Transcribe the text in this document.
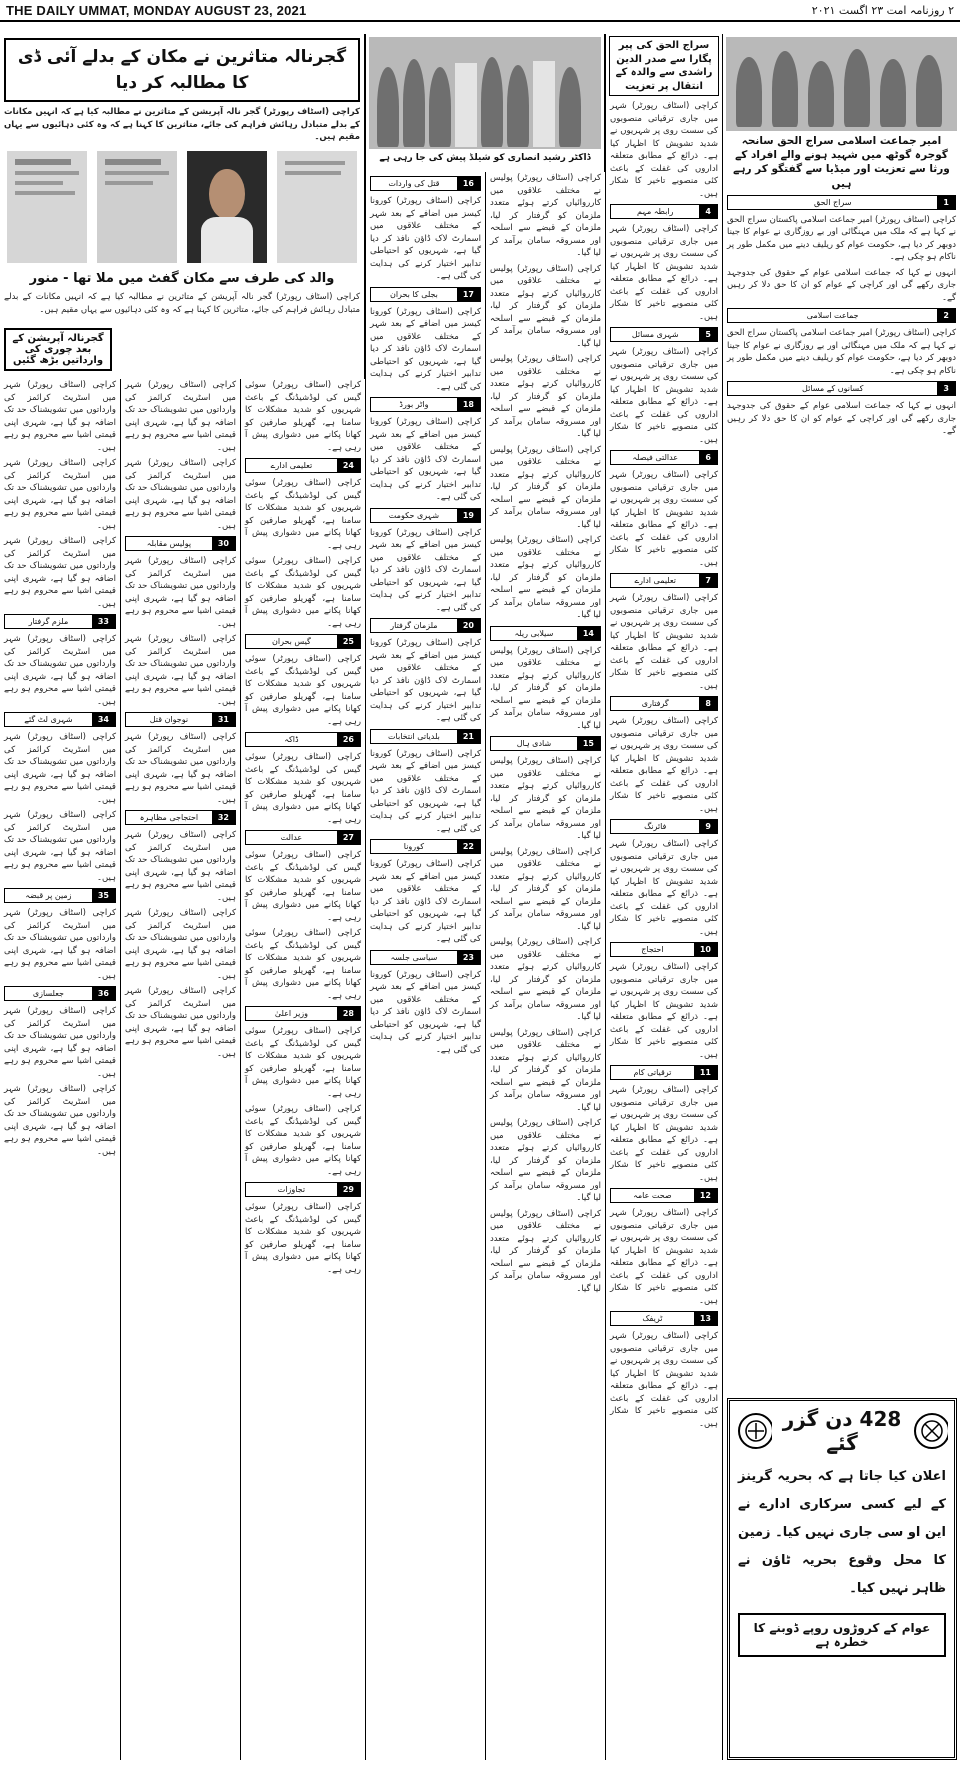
THE DAILY UMMAT, MONDAY AUGUST 23, 2021	۲ روزنامہ امت ۲۳ اگست ۲۰۲۱
امیر جماعت اسلامی سراج الحق سانحہ گوجرہ گوٹھ میں شہید ہونے والے افراد کے ورثا سے تعزیت اور میڈیا سے گفتگو کر رہے ہیں
1
سراج الحق

کراچی (اسٹاف رپورٹر) امیر جماعت اسلامی پاکستان سراج الحق نے کہا ہے کہ ملک میں مہنگائی اور بے روزگاری نے عوام کا جینا دوبھر کر دیا ہے، حکومت عوام کو ریلیف دینے میں مکمل طور پر ناکام ہو چکی ہے۔

انہوں نے کہا کہ جماعت اسلامی عوام کے حقوق کی جدوجہد جاری رکھے گی اور کراچی کے عوام کو ان کا حق دلا کر رہیں گے۔

2
جماعت اسلامی

کراچی (اسٹاف رپورٹر) امیر جماعت اسلامی پاکستان سراج الحق نے کہا ہے کہ ملک میں مہنگائی اور بے روزگاری نے عوام کا جینا دوبھر کر دیا ہے، حکومت عوام کو ریلیف دینے میں مکمل طور پر ناکام ہو چکی ہے۔

3
کسانوں کے مسائل

انہوں نے کہا کہ جماعت اسلامی عوام کے حقوق کی جدوجہد جاری رکھے گی اور کراچی کے عوام کو ان کا حق دلا کر رہیں گے۔

428 دن گزر گئے

اعلان کیا جاتا ہے کہ بحریہ گرینز کے لیے کسی سرکاری ادارے نے این او سی جاری نہیں کیا۔ زمین کا محل وقوع بحریہ ٹاؤن نے ظاہر نہیں کیا۔

عوام کے کروڑوں روپے ڈوبنے کا خطرہ ہے
سراج الحق کی پیر پگارا سے صدر الدین راشدی سے والدہ کے انتقال پر تعزیت

کراچی (اسٹاف رپورٹر) شہر میں جاری ترقیاتی منصوبوں کی سست روی پر شہریوں نے شدید تشویش کا اظہار کیا ہے۔ ذرائع کے مطابق متعلقہ اداروں کی غفلت کے باعث کئی منصوبے تاخیر کا شکار ہیں۔

4
رابطہ مہم

کراچی (اسٹاف رپورٹر) شہر میں جاری ترقیاتی منصوبوں کی سست روی پر شہریوں نے شدید تشویش کا اظہار کیا ہے۔ ذرائع کے مطابق متعلقہ اداروں کی غفلت کے باعث کئی منصوبے تاخیر کا شکار ہیں۔

5
شہری مسائل

کراچی (اسٹاف رپورٹر) شہر میں جاری ترقیاتی منصوبوں کی سست روی پر شہریوں نے شدید تشویش کا اظہار کیا ہے۔ ذرائع کے مطابق متعلقہ اداروں کی غفلت کے باعث کئی منصوبے تاخیر کا شکار ہیں۔

6
عدالتی فیصلہ

کراچی (اسٹاف رپورٹر) شہر میں جاری ترقیاتی منصوبوں کی سست روی پر شہریوں نے شدید تشویش کا اظہار کیا ہے۔ ذرائع کے مطابق متعلقہ اداروں کی غفلت کے باعث کئی منصوبے تاخیر کا شکار ہیں۔

7
تعلیمی ادارے

کراچی (اسٹاف رپورٹر) شہر میں جاری ترقیاتی منصوبوں کی سست روی پر شہریوں نے شدید تشویش کا اظہار کیا ہے۔ ذرائع کے مطابق متعلقہ اداروں کی غفلت کے باعث کئی منصوبے تاخیر کا شکار ہیں۔

8
گرفتاری

کراچی (اسٹاف رپورٹر) شہر میں جاری ترقیاتی منصوبوں کی سست روی پر شہریوں نے شدید تشویش کا اظہار کیا ہے۔ ذرائع کے مطابق متعلقہ اداروں کی غفلت کے باعث کئی منصوبے تاخیر کا شکار ہیں۔

9
فائرنگ

کراچی (اسٹاف رپورٹر) شہر میں جاری ترقیاتی منصوبوں کی سست روی پر شہریوں نے شدید تشویش کا اظہار کیا ہے۔ ذرائع کے مطابق متعلقہ اداروں کی غفلت کے باعث کئی منصوبے تاخیر کا شکار ہیں۔

10
احتجاج

کراچی (اسٹاف رپورٹر) شہر میں جاری ترقیاتی منصوبوں کی سست روی پر شہریوں نے شدید تشویش کا اظہار کیا ہے۔ ذرائع کے مطابق متعلقہ اداروں کی غفلت کے باعث کئی منصوبے تاخیر کا شکار ہیں۔

11
ترقیاتی کام

کراچی (اسٹاف رپورٹر) شہر میں جاری ترقیاتی منصوبوں کی سست روی پر شہریوں نے شدید تشویش کا اظہار کیا ہے۔ ذرائع کے مطابق متعلقہ اداروں کی غفلت کے باعث کئی منصوبے تاخیر کا شکار ہیں۔

12
صحت عامہ

کراچی (اسٹاف رپورٹر) شہر میں جاری ترقیاتی منصوبوں کی سست روی پر شہریوں نے شدید تشویش کا اظہار کیا ہے۔ ذرائع کے مطابق متعلقہ اداروں کی غفلت کے باعث کئی منصوبے تاخیر کا شکار ہیں۔

13
ٹریفک

کراچی (اسٹاف رپورٹر) شہر میں جاری ترقیاتی منصوبوں کی سست روی پر شہریوں نے شدید تشویش کا اظہار کیا ہے۔ ذرائع کے مطابق متعلقہ اداروں کی غفلت کے باعث کئی منصوبے تاخیر کا شکار ہیں۔

کراچی (اسٹاف رپورٹر) پولیس نے مختلف علاقوں میں کارروائیاں کرتے ہوئے متعدد ملزمان کو گرفتار کر لیا، ملزمان کے قبضے سے اسلحہ اور مسروقہ سامان برآمد کر لیا گیا۔

کراچی (اسٹاف رپورٹر) پولیس نے مختلف علاقوں میں کارروائیاں کرتے ہوئے متعدد ملزمان کو گرفتار کر لیا، ملزمان کے قبضے سے اسلحہ اور مسروقہ سامان برآمد کر لیا گیا۔

کراچی (اسٹاف رپورٹر) پولیس نے مختلف علاقوں میں کارروائیاں کرتے ہوئے متعدد ملزمان کو گرفتار کر لیا، ملزمان کے قبضے سے اسلحہ اور مسروقہ سامان برآمد کر لیا گیا۔

کراچی (اسٹاف رپورٹر) پولیس نے مختلف علاقوں میں کارروائیاں کرتے ہوئے متعدد ملزمان کو گرفتار کر لیا، ملزمان کے قبضے سے اسلحہ اور مسروقہ سامان برآمد کر لیا گیا۔

کراچی (اسٹاف رپورٹر) پولیس نے مختلف علاقوں میں کارروائیاں کرتے ہوئے متعدد ملزمان کو گرفتار کر لیا، ملزمان کے قبضے سے اسلحہ اور مسروقہ سامان برآمد کر لیا گیا۔

14
سیلابی ریلہ

کراچی (اسٹاف رپورٹر) پولیس نے مختلف علاقوں میں کارروائیاں کرتے ہوئے متعدد ملزمان کو گرفتار کر لیا، ملزمان کے قبضے سے اسلحہ اور مسروقہ سامان برآمد کر لیا گیا۔

15
شادی ہال

کراچی (اسٹاف رپورٹر) پولیس نے مختلف علاقوں میں کارروائیاں کرتے ہوئے متعدد ملزمان کو گرفتار کر لیا، ملزمان کے قبضے سے اسلحہ اور مسروقہ سامان برآمد کر لیا گیا۔

کراچی (اسٹاف رپورٹر) پولیس نے مختلف علاقوں میں کارروائیاں کرتے ہوئے متعدد ملزمان کو گرفتار کر لیا، ملزمان کے قبضے سے اسلحہ اور مسروقہ سامان برآمد کر لیا گیا۔

کراچی (اسٹاف رپورٹر) پولیس نے مختلف علاقوں میں کارروائیاں کرتے ہوئے متعدد ملزمان کو گرفتار کر لیا، ملزمان کے قبضے سے اسلحہ اور مسروقہ سامان برآمد کر لیا گیا۔

کراچی (اسٹاف رپورٹر) پولیس نے مختلف علاقوں میں کارروائیاں کرتے ہوئے متعدد ملزمان کو گرفتار کر لیا، ملزمان کے قبضے سے اسلحہ اور مسروقہ سامان برآمد کر لیا گیا۔

کراچی (اسٹاف رپورٹر) پولیس نے مختلف علاقوں میں کارروائیاں کرتے ہوئے متعدد ملزمان کو گرفتار کر لیا، ملزمان کے قبضے سے اسلحہ اور مسروقہ سامان برآمد کر لیا گیا۔

کراچی (اسٹاف رپورٹر) پولیس نے مختلف علاقوں میں کارروائیاں کرتے ہوئے متعدد ملزمان کو گرفتار کر لیا، ملزمان کے قبضے سے اسلحہ اور مسروقہ سامان برآمد کر لیا گیا۔

16
قتل کی واردات

کراچی (اسٹاف رپورٹر) کورونا کیسز میں اضافے کے بعد شہر کے مختلف علاقوں میں اسمارٹ لاک ڈاؤن نافذ کر دیا گیا ہے، شہریوں کو احتیاطی تدابیر اختیار کرنے کی ہدایت کی گئی ہے۔

17
بجلی کا بحران

کراچی (اسٹاف رپورٹر) کورونا کیسز میں اضافے کے بعد شہر کے مختلف علاقوں میں اسمارٹ لاک ڈاؤن نافذ کر دیا گیا ہے، شہریوں کو احتیاطی تدابیر اختیار کرنے کی ہدایت کی گئی ہے۔

18
واٹر بورڈ

کراچی (اسٹاف رپورٹر) کورونا کیسز میں اضافے کے بعد شہر کے مختلف علاقوں میں اسمارٹ لاک ڈاؤن نافذ کر دیا گیا ہے، شہریوں کو احتیاطی تدابیر اختیار کرنے کی ہدایت کی گئی ہے۔

19
شہری حکومت

کراچی (اسٹاف رپورٹر) کورونا کیسز میں اضافے کے بعد شہر کے مختلف علاقوں میں اسمارٹ لاک ڈاؤن نافذ کر دیا گیا ہے، شہریوں کو احتیاطی تدابیر اختیار کرنے کی ہدایت کی گئی ہے۔

20
ملزمان گرفتار

کراچی (اسٹاف رپورٹر) کورونا کیسز میں اضافے کے بعد شہر کے مختلف علاقوں میں اسمارٹ لاک ڈاؤن نافذ کر دیا گیا ہے، شہریوں کو احتیاطی تدابیر اختیار کرنے کی ہدایت کی گئی ہے۔

21
بلدیاتی انتخابات

کراچی (اسٹاف رپورٹر) کورونا کیسز میں اضافے کے بعد شہر کے مختلف علاقوں میں اسمارٹ لاک ڈاؤن نافذ کر دیا گیا ہے، شہریوں کو احتیاطی تدابیر اختیار کرنے کی ہدایت کی گئی ہے۔

22
کورونا

کراچی (اسٹاف رپورٹر) کورونا کیسز میں اضافے کے بعد شہر کے مختلف علاقوں میں اسمارٹ لاک ڈاؤن نافذ کر دیا گیا ہے، شہریوں کو احتیاطی تدابیر اختیار کرنے کی ہدایت کی گئی ہے۔

23
سیاسی جلسہ

کراچی (اسٹاف رپورٹر) کورونا کیسز میں اضافے کے بعد شہر کے مختلف علاقوں میں اسمارٹ لاک ڈاؤن نافذ کر دیا گیا ہے، شہریوں کو احتیاطی تدابیر اختیار کرنے کی ہدایت کی گئی ہے۔

ڈاکٹر رشید انصاری کو شیلڈ پیش کی جا رہی ہے
گجرنالہ متاثرین نے مکان کے بدلے آئی ڈی کا مطالبہ کر دیا

کراچی (اسٹاف رپورٹر) گجر نالہ آپریشن کے متاثرین نے مطالبہ کیا ہے کہ انہیں مکانات کے بدلے متبادل رہائش فراہم کی جائے، متاثرین کا کہنا ہے کہ وہ کئی دہائیوں سے یہاں مقیم ہیں۔

والد کی طرف سے مکان گفٹ میں ملا تھا - منور

کراچی (اسٹاف رپورٹر) گجر نالہ آپریشن کے متاثرین نے مطالبہ کیا ہے کہ انہیں مکانات کے بدلے متبادل رہائش فراہم کی جائے، متاثرین کا کہنا ہے کہ وہ کئی دہائیوں سے یہاں مقیم ہیں۔

گجرنالہ آپریشن کے بعد چوری کی وارداتیں بڑھ گئیں

کراچی (اسٹاف رپورٹر) سوئی گیس کی لوڈشیڈنگ کے باعث شہریوں کو شدید مشکلات کا سامنا ہے، گھریلو صارفین کو کھانا پکانے میں دشواری پیش آ رہی ہے۔

24
تعلیمی ادارے

کراچی (اسٹاف رپورٹر) سوئی گیس کی لوڈشیڈنگ کے باعث شہریوں کو شدید مشکلات کا سامنا ہے، گھریلو صارفین کو کھانا پکانے میں دشواری پیش آ رہی ہے۔

کراچی (اسٹاف رپورٹر) سوئی گیس کی لوڈشیڈنگ کے باعث شہریوں کو شدید مشکلات کا سامنا ہے، گھریلو صارفین کو کھانا پکانے میں دشواری پیش آ رہی ہے۔

25
گیس بحران

کراچی (اسٹاف رپورٹر) سوئی گیس کی لوڈشیڈنگ کے باعث شہریوں کو شدید مشکلات کا سامنا ہے، گھریلو صارفین کو کھانا پکانے میں دشواری پیش آ رہی ہے۔

26
ڈاکہ

کراچی (اسٹاف رپورٹر) سوئی گیس کی لوڈشیڈنگ کے باعث شہریوں کو شدید مشکلات کا سامنا ہے، گھریلو صارفین کو کھانا پکانے میں دشواری پیش آ رہی ہے۔

27
عدالت

کراچی (اسٹاف رپورٹر) سوئی گیس کی لوڈشیڈنگ کے باعث شہریوں کو شدید مشکلات کا سامنا ہے، گھریلو صارفین کو کھانا پکانے میں دشواری پیش آ رہی ہے۔

کراچی (اسٹاف رپورٹر) سوئی گیس کی لوڈشیڈنگ کے باعث شہریوں کو شدید مشکلات کا سامنا ہے، گھریلو صارفین کو کھانا پکانے میں دشواری پیش آ رہی ہے۔

28
وزیر اعلیٰ

کراچی (اسٹاف رپورٹر) سوئی گیس کی لوڈشیڈنگ کے باعث شہریوں کو شدید مشکلات کا سامنا ہے، گھریلو صارفین کو کھانا پکانے میں دشواری پیش آ رہی ہے۔

کراچی (اسٹاف رپورٹر) سوئی گیس کی لوڈشیڈنگ کے باعث شہریوں کو شدید مشکلات کا سامنا ہے، گھریلو صارفین کو کھانا پکانے میں دشواری پیش آ رہی ہے۔

29
تجاوزات

کراچی (اسٹاف رپورٹر) سوئی گیس کی لوڈشیڈنگ کے باعث شہریوں کو شدید مشکلات کا سامنا ہے، گھریلو صارفین کو کھانا پکانے میں دشواری پیش آ رہی ہے۔

کراچی (اسٹاف رپورٹر) شہر میں اسٹریٹ کرائمز کی وارداتوں میں تشویشناک حد تک اضافہ ہو گیا ہے، شہری اپنی قیمتی اشیا سے محروم ہو رہے ہیں۔

کراچی (اسٹاف رپورٹر) شہر میں اسٹریٹ کرائمز کی وارداتوں میں تشویشناک حد تک اضافہ ہو گیا ہے، شہری اپنی قیمتی اشیا سے محروم ہو رہے ہیں۔

30
پولیس مقابلہ

کراچی (اسٹاف رپورٹر) شہر میں اسٹریٹ کرائمز کی وارداتوں میں تشویشناک حد تک اضافہ ہو گیا ہے، شہری اپنی قیمتی اشیا سے محروم ہو رہے ہیں۔

کراچی (اسٹاف رپورٹر) شہر میں اسٹریٹ کرائمز کی وارداتوں میں تشویشناک حد تک اضافہ ہو گیا ہے، شہری اپنی قیمتی اشیا سے محروم ہو رہے ہیں۔

31
نوجوان قتل

کراچی (اسٹاف رپورٹر) شہر میں اسٹریٹ کرائمز کی وارداتوں میں تشویشناک حد تک اضافہ ہو گیا ہے، شہری اپنی قیمتی اشیا سے محروم ہو رہے ہیں۔

32
احتجاجی مظاہرہ

کراچی (اسٹاف رپورٹر) شہر میں اسٹریٹ کرائمز کی وارداتوں میں تشویشناک حد تک اضافہ ہو گیا ہے، شہری اپنی قیمتی اشیا سے محروم ہو رہے ہیں۔

کراچی (اسٹاف رپورٹر) شہر میں اسٹریٹ کرائمز کی وارداتوں میں تشویشناک حد تک اضافہ ہو گیا ہے، شہری اپنی قیمتی اشیا سے محروم ہو رہے ہیں۔

کراچی (اسٹاف رپورٹر) شہر میں اسٹریٹ کرائمز کی وارداتوں میں تشویشناک حد تک اضافہ ہو گیا ہے، شہری اپنی قیمتی اشیا سے محروم ہو رہے ہیں۔

کراچی (اسٹاف رپورٹر) شہر میں اسٹریٹ کرائمز کی وارداتوں میں تشویشناک حد تک اضافہ ہو گیا ہے، شہری اپنی قیمتی اشیا سے محروم ہو رہے ہیں۔

کراچی (اسٹاف رپورٹر) شہر میں اسٹریٹ کرائمز کی وارداتوں میں تشویشناک حد تک اضافہ ہو گیا ہے، شہری اپنی قیمتی اشیا سے محروم ہو رہے ہیں۔

کراچی (اسٹاف رپورٹر) شہر میں اسٹریٹ کرائمز کی وارداتوں میں تشویشناک حد تک اضافہ ہو گیا ہے، شہری اپنی قیمتی اشیا سے محروم ہو رہے ہیں۔

33
ملزم گرفتار

کراچی (اسٹاف رپورٹر) شہر میں اسٹریٹ کرائمز کی وارداتوں میں تشویشناک حد تک اضافہ ہو گیا ہے، شہری اپنی قیمتی اشیا سے محروم ہو رہے ہیں۔

34
شہری لٹ گئے

کراچی (اسٹاف رپورٹر) شہر میں اسٹریٹ کرائمز کی وارداتوں میں تشویشناک حد تک اضافہ ہو گیا ہے، شہری اپنی قیمتی اشیا سے محروم ہو رہے ہیں۔

کراچی (اسٹاف رپورٹر) شہر میں اسٹریٹ کرائمز کی وارداتوں میں تشویشناک حد تک اضافہ ہو گیا ہے، شہری اپنی قیمتی اشیا سے محروم ہو رہے ہیں۔

35
زمین پر قبضہ

کراچی (اسٹاف رپورٹر) شہر میں اسٹریٹ کرائمز کی وارداتوں میں تشویشناک حد تک اضافہ ہو گیا ہے، شہری اپنی قیمتی اشیا سے محروم ہو رہے ہیں۔

36
جعلسازی

کراچی (اسٹاف رپورٹر) شہر میں اسٹریٹ کرائمز کی وارداتوں میں تشویشناک حد تک اضافہ ہو گیا ہے، شہری اپنی قیمتی اشیا سے محروم ہو رہے ہیں۔

کراچی (اسٹاف رپورٹر) شہر میں اسٹریٹ کرائمز کی وارداتوں میں تشویشناک حد تک اضافہ ہو گیا ہے، شہری اپنی قیمتی اشیا سے محروم ہو رہے ہیں۔
